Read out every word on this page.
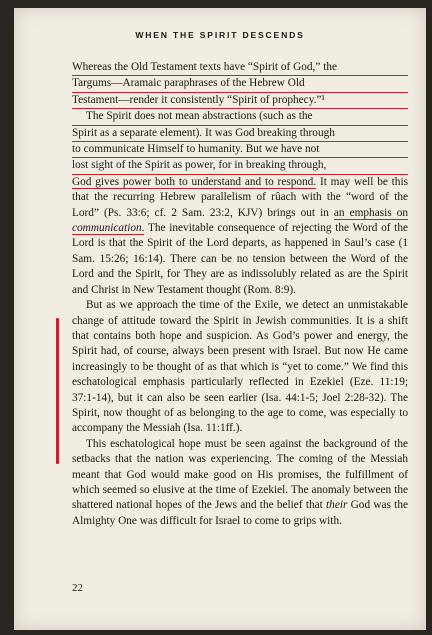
WHEN THE SPIRIT DESCENDS
Whereas the Old Testament texts have “Spirit of God,” the
Targums—Aramaic paraphrases of the Hebrew Old
Testament—render it consistently “Spirit of prophecy.”¹
The Spirit does not mean abstractions (such as the
Spirit as a separate element). It was God breaking through
to communicate Himself to humanity. But we have not
lost sight of the Spirit as power, for in breaking through,
God gives power both to understand and to respond. It may well be this that the recurring Hebrew parallelism of rûach with the “word of the Lord” (Ps. 33:6; cf. 2 Sam. 23:2, KJV) brings out in an emphasis on communication. The inevitable consequence of rejecting the Word of the Lord is that the Spirit of the Lord departs, as happened in Saul’s case (1 Sam. 15:26; 16:14). There can be no tension between the Word of the Lord and the Spirit, for They are as indissolubly related as are the Spirit and Christ in New Testament thought (Rom. 8:9).
But as we approach the time of the Exile, we detect an unmistakable change of attitude toward the Spirit in Jewish communities. It is a shift that contains both hope and suspicion. As God’s power and energy, the Spirit had, of course, always been present with Israel. But now He came increasingly to be thought of as that which is “yet to come.” We find this eschatological emphasis particularly reflected in Ezekiel (Eze. 11:19; 37:1-14), but it can also be seen earlier (Isa. 44:1-5; Joel 2:28-32). The Spirit, now thought of as belonging to the age to come, was especially to accompany the Messiah (Isa. 11:1ff.).
This eschatological hope must be seen against the background of the setbacks that the nation was experiencing. The coming of the Messiah meant that God would make good on His promises, the fulfillment of which seemed so elusive at the time of Ezekiel. The anomaly between the shattered national hopes of the Jews and the belief that their God was the Almighty One was difficult for Israel to come to grips with.
22
